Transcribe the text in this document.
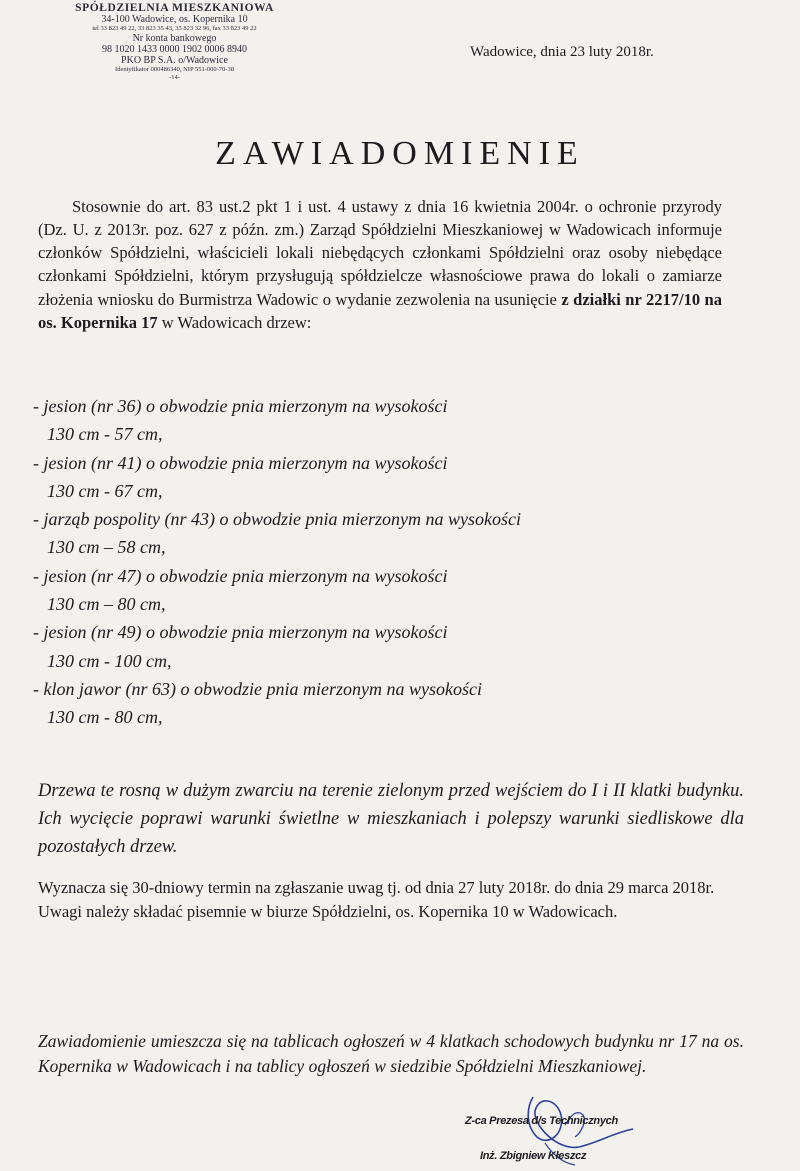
SPÓŁDZIELNIA MIESZKANIOWA
34-100 Wadowice, os. Kopernika 10
tel 33 823 49 22, 33 823 35 43, 33 823 32 96, fax 33 823 49 22
Nr konta bankowego
98 1020 1433 0000 1902 0006 8940
PKO BP S.A. o/Wadowice
Identyfikator 000486340, NIP 551-000-70-38
-14-
Wadowice, dnia 23 luty 2018r.
ZAWIADOMIENIE

Stosownie do art. 83 ust.2 pkt 1 i ust. 4 ustawy z dnia 16 kwietnia 2004r. o ochronie przyrody (Dz. U. z 2013r. poz. 627 z późn. zm.) Zarząd Spółdzielni Mieszkaniowej w Wadowicach informuje członków Spółdzielni, właścicieli lokali niebędących członkami Spółdzielni oraz osoby niebędące członkami Spółdzielni, którym przysługują spółdzielcze własnościowe prawa do lokali o zamiarze złożenia wniosku do Burmistrza Wadowic o wydanie zezwolenia na usunięcie z działki nr 2217/10 na os. Kopernika 17 w Wadowicach drzew:

- jesion (nr 36) o obwodzie pnia mierzonym na wysokości
130 cm - 57 cm,
- jesion (nr 41) o obwodzie pnia mierzonym na wysokości
130 cm - 67 cm,
- jarząb pospolity (nr 43) o obwodzie pnia mierzonym na wysokości
130 cm – 58 cm,
- jesion (nr 47) o obwodzie pnia mierzonym na wysokości
130 cm – 80 cm,
- jesion (nr 49) o obwodzie pnia mierzonym na wysokości
130 cm - 100 cm,
- klon jawor (nr 63) o obwodzie pnia mierzonym na wysokości
130 cm - 80 cm,

Drzewa te rosną w dużym zwarciu na terenie zielonym przed wejściem do I i II klatki budynku. Ich wycięcie poprawi warunki świetlne w mieszkaniach i polepszy warunki siedliskowe dla pozostałych drzew.

Wyznacza się 30-dniowy termin na zgłaszanie uwag tj. od dnia 27 luty 2018r. do dnia 29 marca 2018r.
Uwagi należy składać pisemnie w biurze Spółdzielni, os. Kopernika 10 w Wadowicach.

Zawiadomienie umieszcza się na tablicach ogłoszeń w 4 klatkach schodowych budynku nr 17 na os. Kopernika w Wadowicach i na tablicy ogłoszeń w siedzibie Spółdzielni Mieszkaniowej.

Z-ca Prezesa d/s Technicznych
Inż. Zbigniew Kłeszcz
